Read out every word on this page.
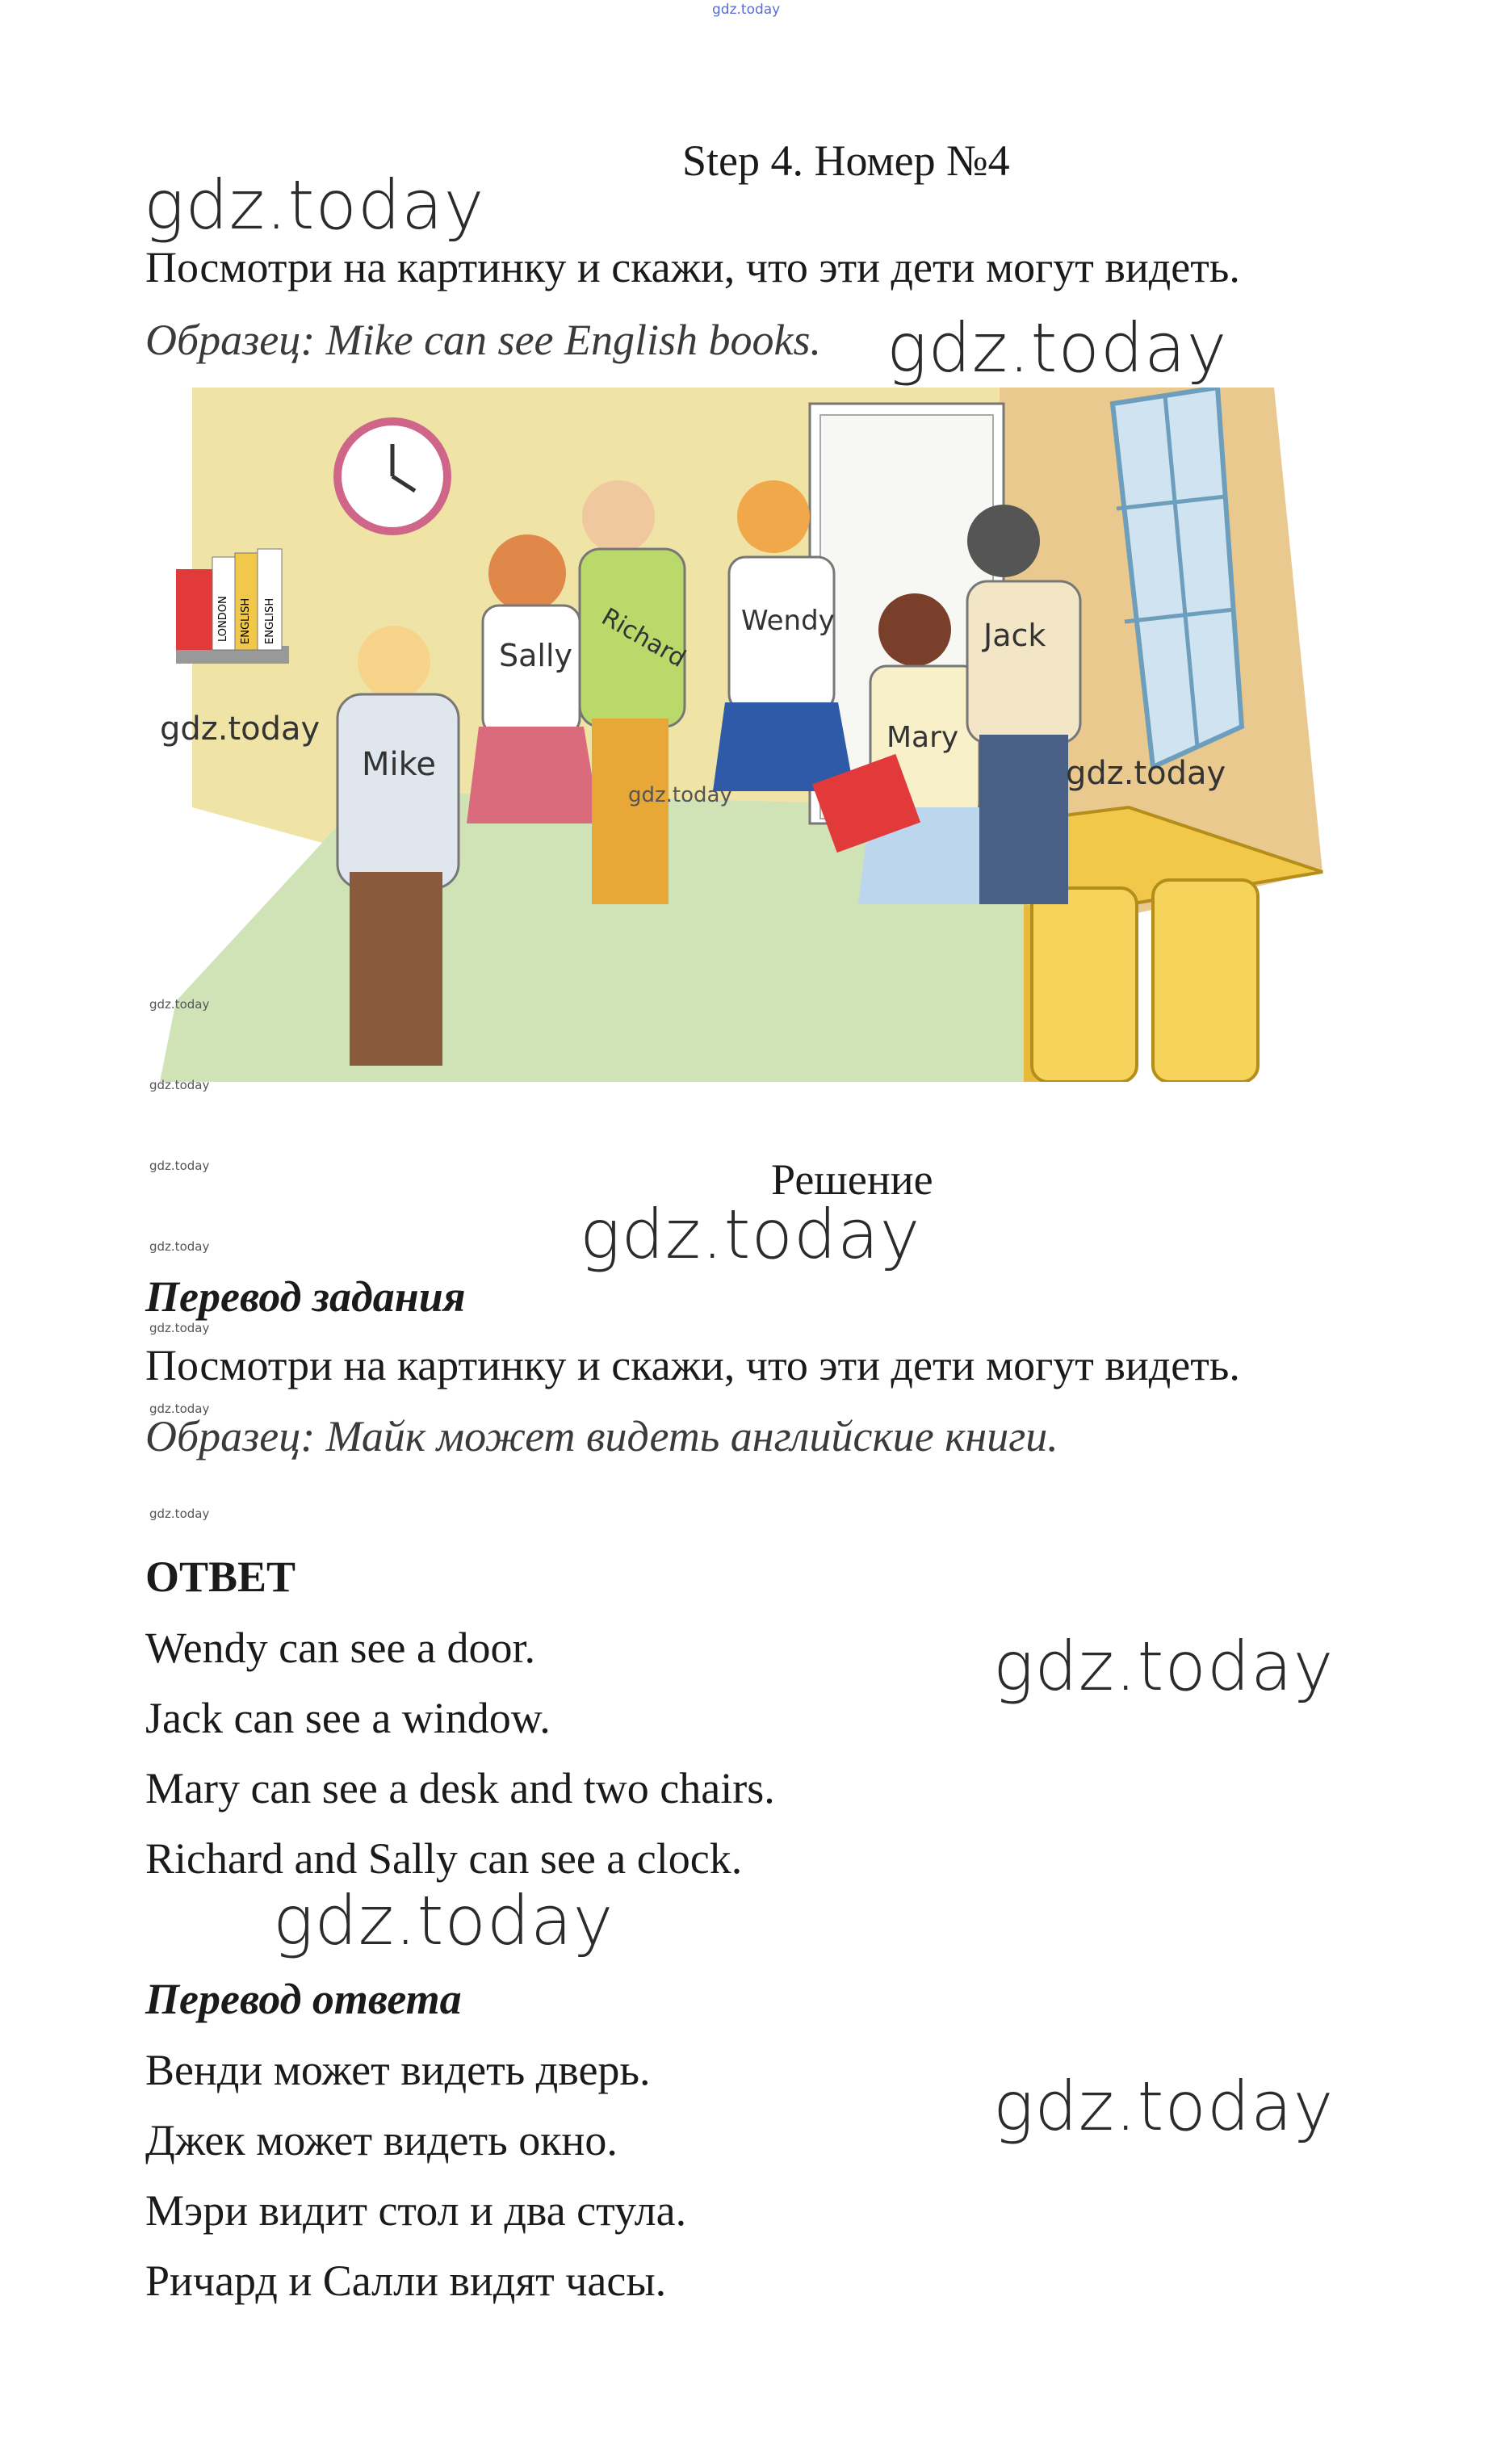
gdz.today
Step 4. Номер №4
gdz.today
Посмотри на картинку и скажи, что эти дети могут видеть.
Образец: Mike can see English books. gdz.today
LONDON ENGLISH ENGLISH
Mike
Sally Richard Wendy
Mary
Jack
gdz.today
gdz.today
gdz.today
gdz.today
gdz.today
gdz.today	Решение
gdz.today
gdz.today
Перевод задания
gdz.today
Посмотри на картинку и скажи, что эти дети могут видеть.
gdz.today
Образец: Майк может видеть английские книги.
gdz.today
ОТВЕТ
Wendy can see a door.
Jack can see a window.
Mary can see a desk and two chairs.
Richard and Sally can see a clock.
gdz.today
gdz.today
Перевод ответа
Венди может видеть дверь.
Джек может видеть окно.
Мэри видит стол и два стула.
Ричард и Салли видят часы.
gdz.today
